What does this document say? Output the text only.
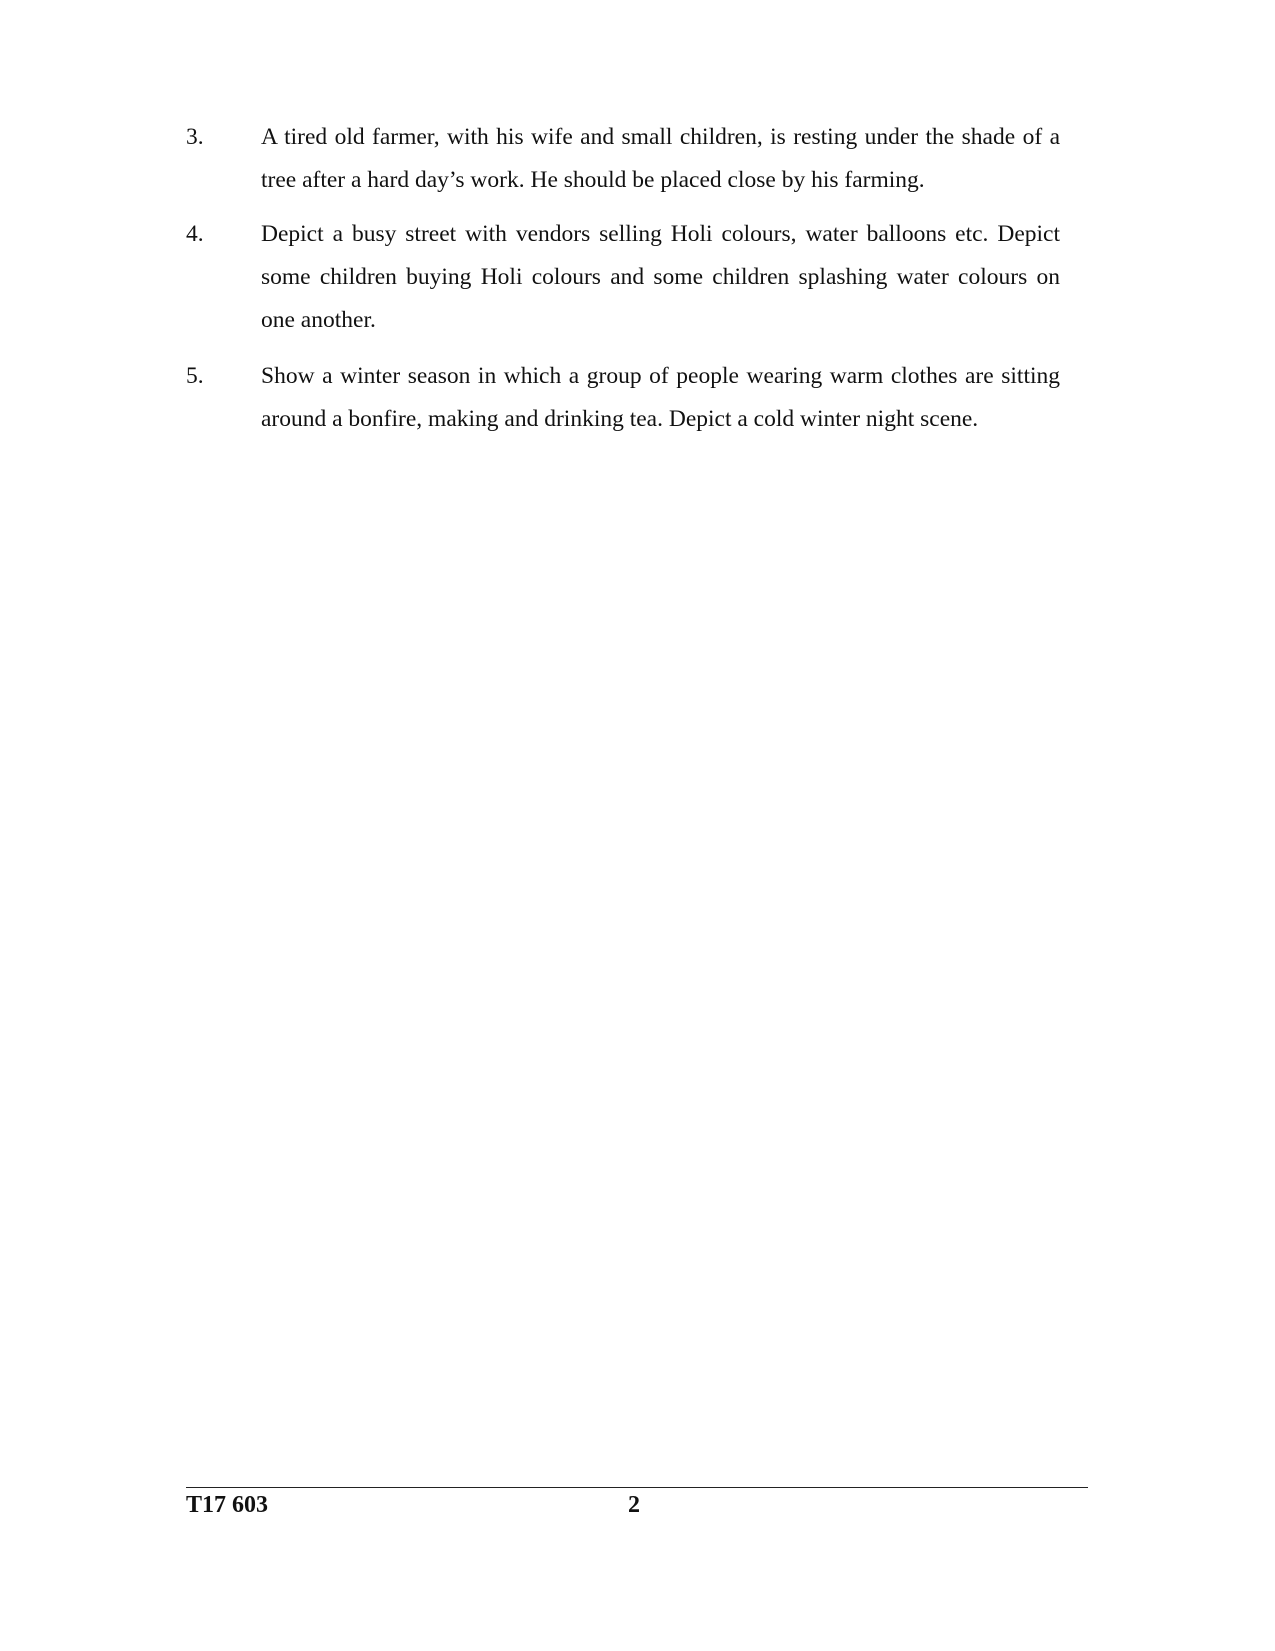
3.	A tired old farmer, with his wife and small children, is resting under the shade of a tree after a hard day’s work. He should be placed close by his farming.
4.	Depict a busy street with vendors selling Holi colours, water balloons etc. Depict some children buying Holi colours and some children splashing water colours on one another.
5.	Show a winter season in which a group of people wearing warm clothes are sitting around a bonfire, making and drinking tea. Depict a cold winter night scene.
T17 603	2
